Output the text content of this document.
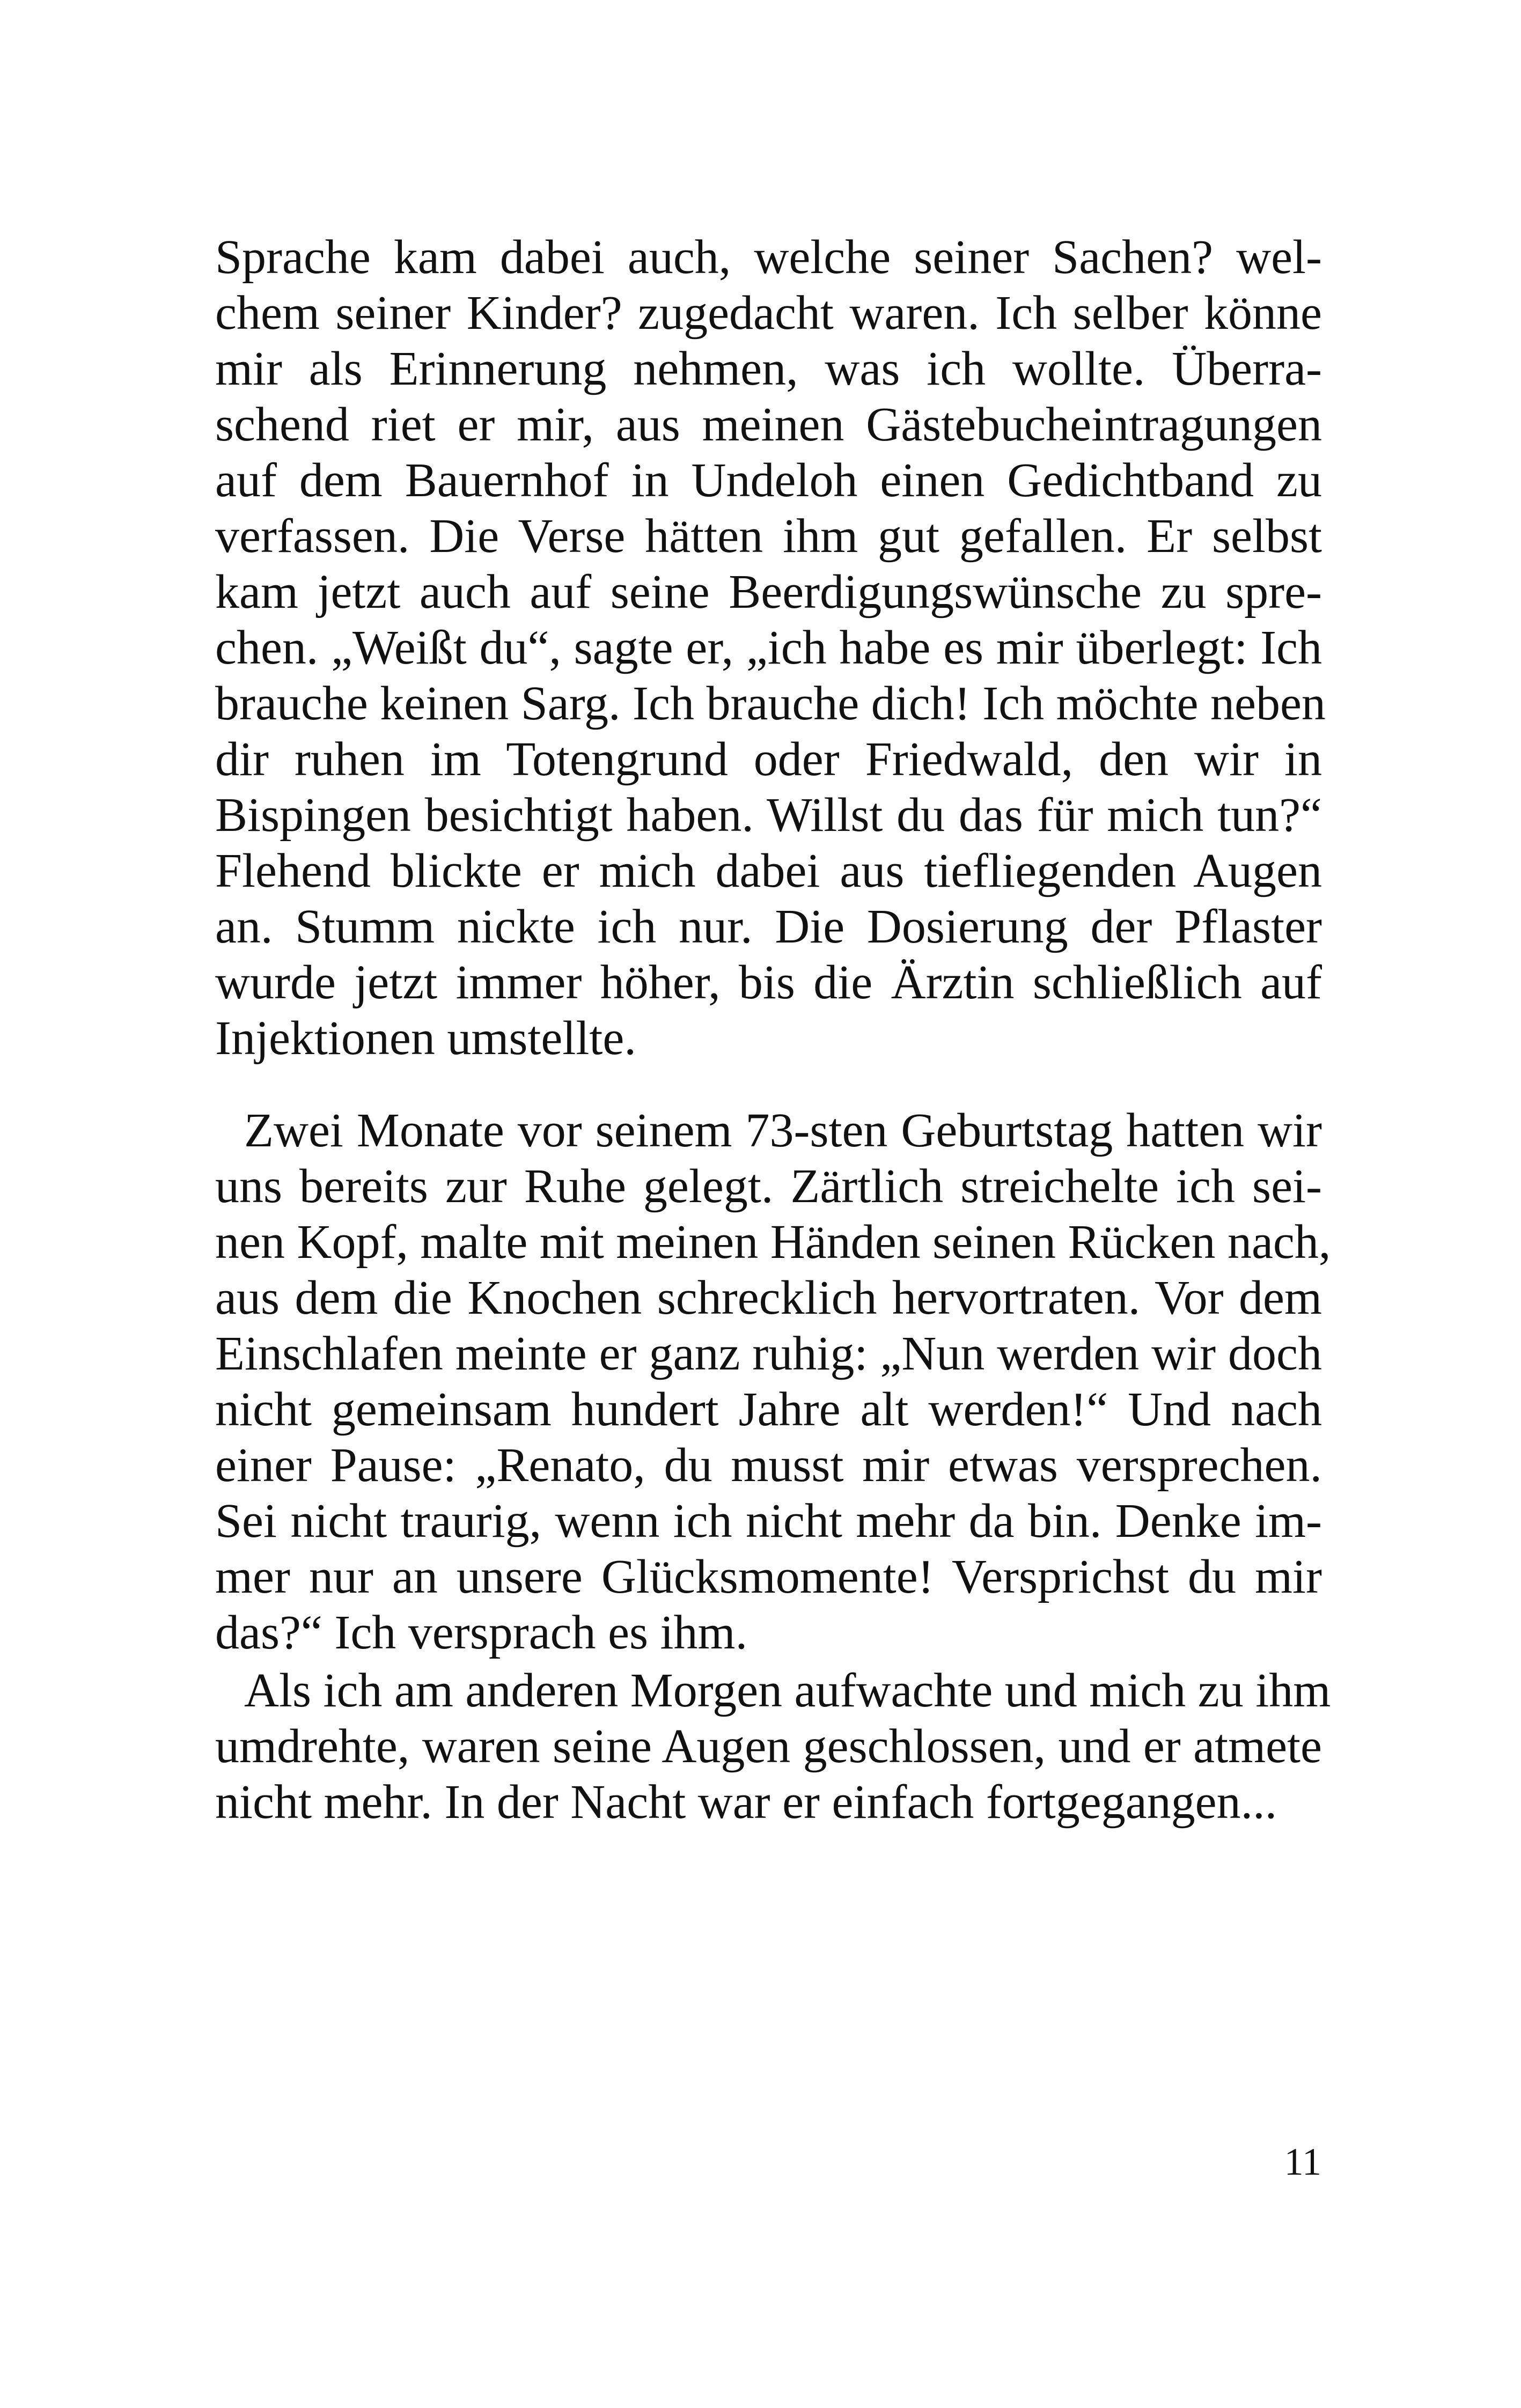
Sprache kam dabei auch, welche seiner Sachen? wel-
chem seiner Kinder? zugedacht waren. Ich selber könne
mir als Erinnerung nehmen, was ich wollte. Überra-
schend riet er mir, aus meinen Gästebucheintragungen
auf dem Bauernhof in Undeloh einen Gedichtband zu
verfassen. Die Verse hätten ihm gut gefallen. Er selbst
kam jetzt auch auf seine Beerdigungswünsche zu spre-
chen. „Weißt du“, sagte er, „ich habe es mir überlegt: Ich
brauche keinen Sarg. Ich brauche dich! Ich möchte neben
dir ruhen im Totengrund oder Friedwald, den wir in
Bispingen besichtigt haben. Willst du das für mich tun?“
Flehend blickte er mich dabei aus tiefliegenden Augen
an. Stumm nickte ich nur. Die Dosierung der Pflaster
wurde jetzt immer höher, bis die Ärztin schließlich auf
Injektionen umstellte.
Zwei Monate vor seinem 73-sten Geburtstag hatten wir
uns bereits zur Ruhe gelegt. Zärtlich streichelte ich sei-
nen Kopf, malte mit meinen Händen seinen Rücken nach,
aus dem die Knochen schrecklich hervortraten. Vor dem
Einschlafen meinte er ganz ruhig: „Nun werden wir doch
nicht gemeinsam hundert Jahre alt werden!“ Und nach
einer Pause: „Renato, du musst mir etwas versprechen.
Sei nicht traurig, wenn ich nicht mehr da bin. Denke im-
mer nur an unsere Glücksmomente! Versprichst du mir
das?“ Ich versprach es ihm.
Als ich am anderen Morgen aufwachte und mich zu ihm
umdrehte, waren seine Augen geschlossen, und er atmete
nicht mehr. In der Nacht war er einfach fortgegangen...
11
